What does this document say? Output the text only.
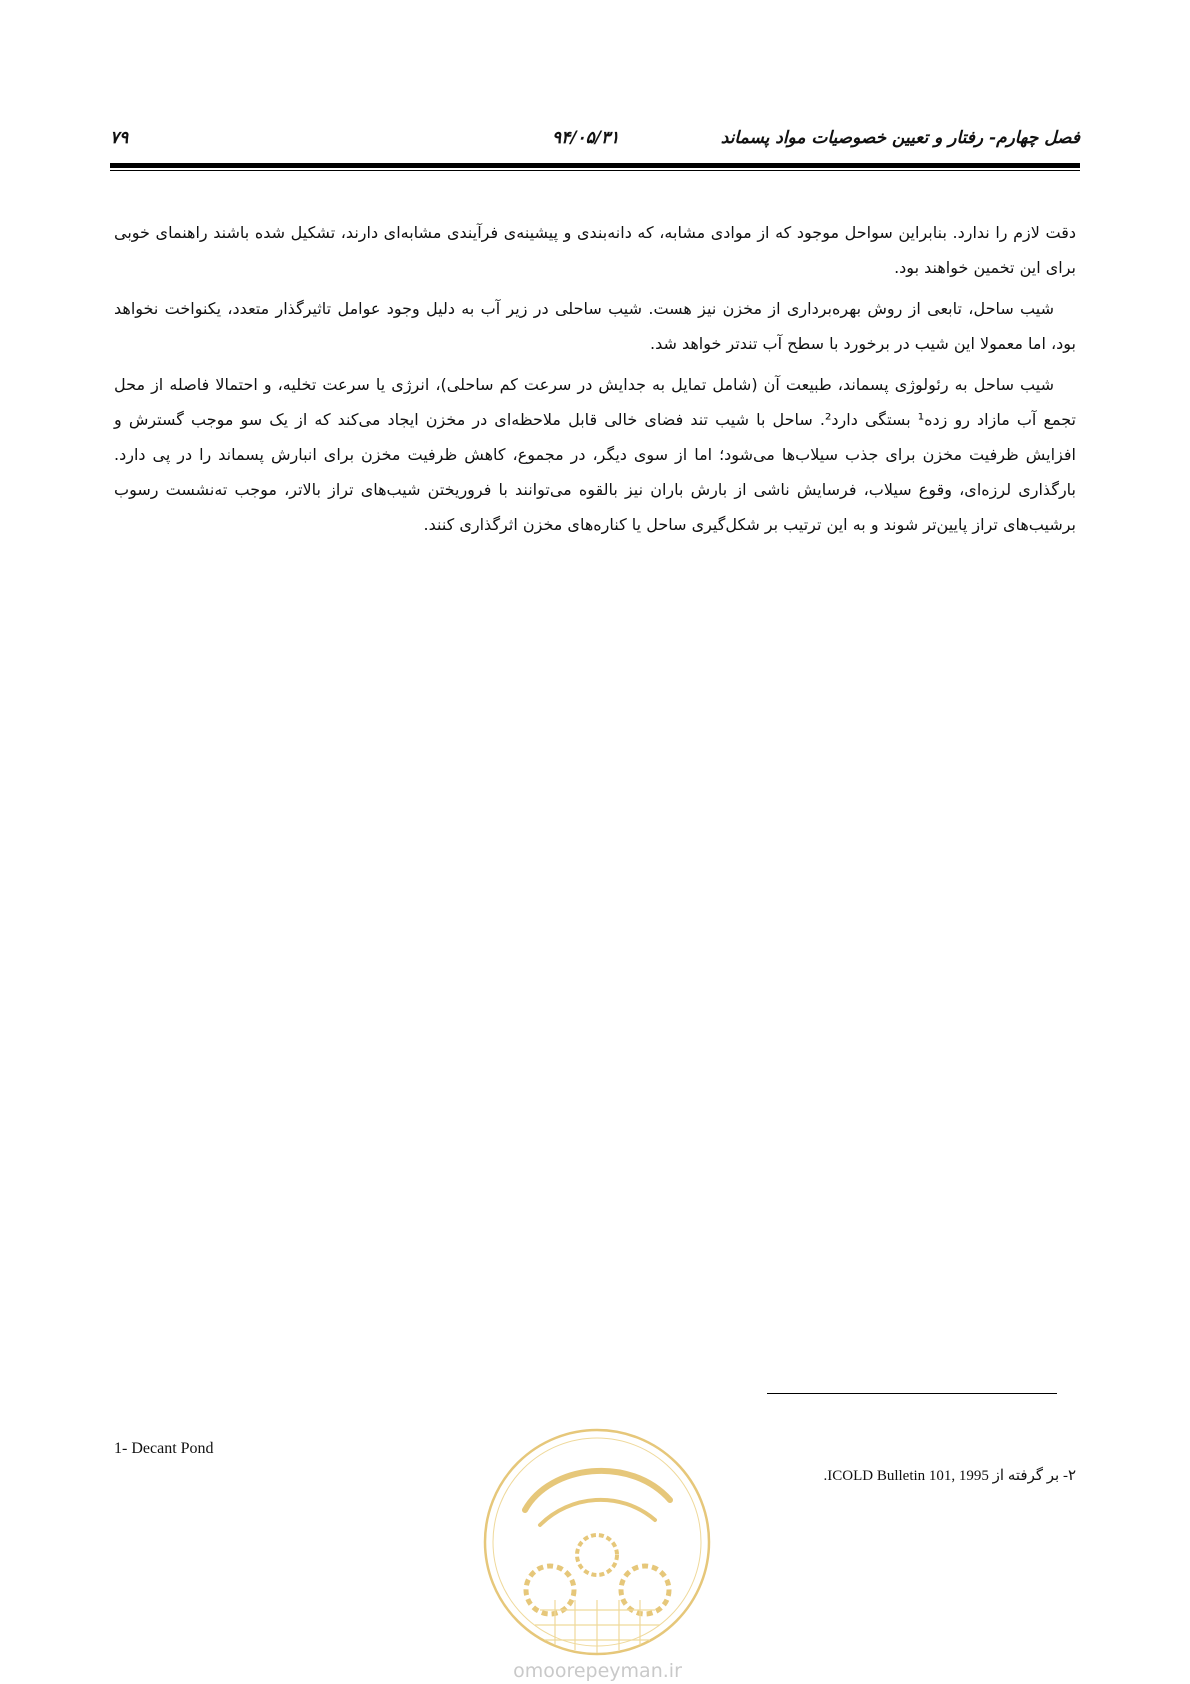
فصل چهارم- رفتار و تعیین خصوصیات مواد پسماند
۹۴/۰۵/۳۱
۷۹

دقت لازم را ندارد. بنابراین سواحل موجود که از موادی مشابه، که دانه‌بندی و پیشینه‌ی فرآیندی مشابه‌ای دارند، تشکیل شده باشند راهنمای خوبی برای این تخمین خواهند بود.

شیب ساحل، تابعی از روش بهره‌برداری از مخزن نیز هست. شیب ساحلی در زیر آب به دلیل وجود عوامل تاثیرگذار متعدد، یکنواخت نخواهد بود، اما معمولا این شیب در برخورد با سطح آب تندتر خواهد شد.

شیب ساحل به رئولوژی پسماند، طبیعت آن (شامل تمایل به جدایش در سرعت کم ساحلی)، انرژی یا سرعت تخلیه، و احتمالا فاصله از محل تجمع آب مازاد رو زده¹ بستگی دارد². ساحل با شیب تند فضای خالی قابل ملاحظه‌ای در مخزن ایجاد می‌کند که از یک سو موجب گسترش و افزایش ظرفیت مخزن برای جذب سیلاب‌ها می‌شود؛ اما از سوی دیگر، در مجموع، کاهش ظرفیت مخزن برای انبارش پسماند را در پی دارد. بارگذاری لرزه‌ای، وقوع سیلاب، فرسایش ناشی از بارش باران نیز بالقوه می‌توانند با فروریختن شیب‌های تراز بالاتر، موجب ته‌نشست رسوب برشیب‌های تراز پایین‌تر شوند و به این ترتیب بر شکل‌گیری ساحل یا کناره‌های مخزن اثرگذاری کنند.

۲- بر گرفته از ICOLD Bulletin 101, 1995.
1- Decant Pond
omoorepeyman.ir
